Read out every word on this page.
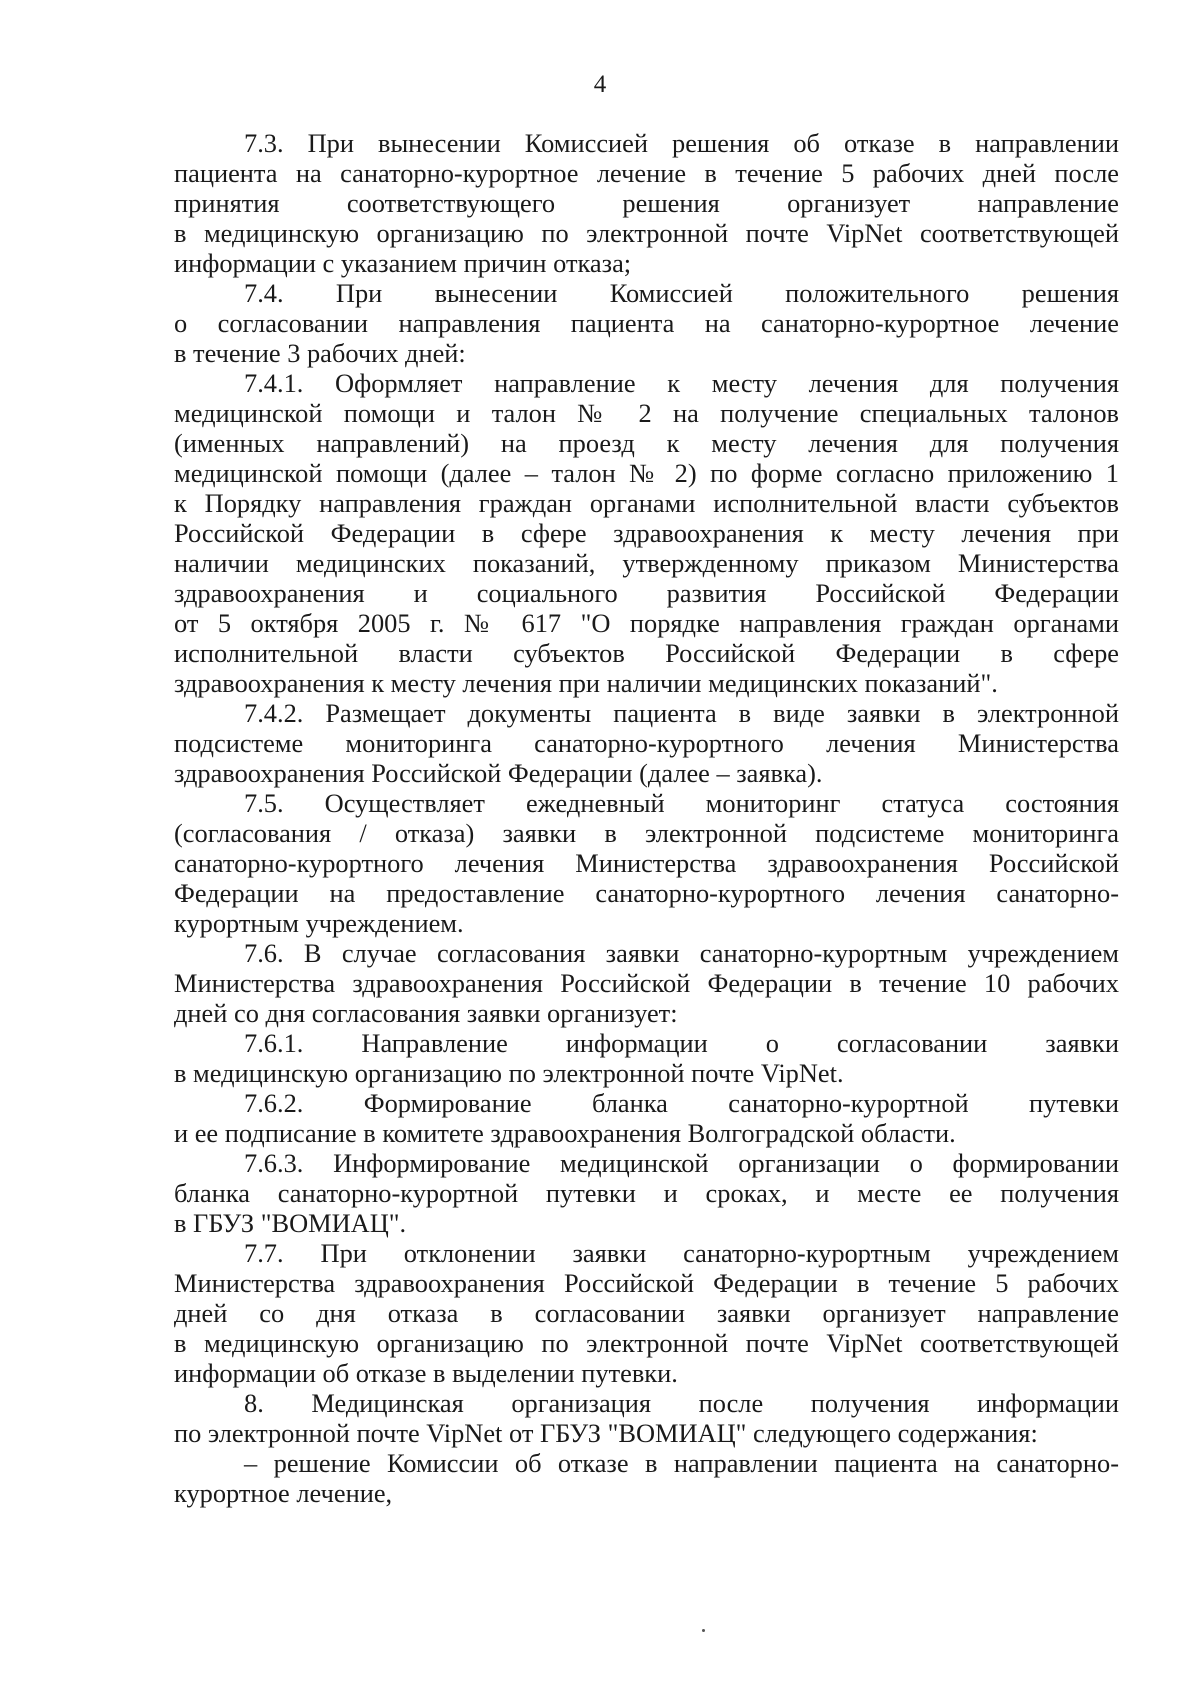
4
7.3. При вынесении Комиссией решения об отказе в направлении
пациента на санаторно-курортное лечение в течение 5 рабочих дней после
принятия соответствующего решения организует направление
в медицинскую организацию по электронной почте VipNet соответствующей
информации с указанием причин отказа;
7.4. При вынесении Комиссией положительного решения
о согласовании направления пациента на санаторно-курортное лечение
в течение 3 рабочих дней:
7.4.1. Оформляет направление к месту лечения для получения
медицинской помощи и талон № 2 на получение специальных талонов
(именных направлений) на проезд к месту лечения для получения
медицинской помощи (далее – талон № 2) по форме согласно приложению 1
к Порядку направления граждан органами исполнительной власти субъектов
Российской Федерации в сфере здравоохранения к месту лечения при
наличии медицинских показаний, утвержденному приказом Министерства
здравоохранения и социального развития Российской Федерации
от 5 октября 2005 г. № 617 "О порядке направления граждан органами
исполнительной власти субъектов Российской Федерации в сфере
здравоохранения к месту лечения при наличии медицинских показаний".
7.4.2. Размещает документы пациента в виде заявки в электронной
подсистеме мониторинга санаторно-курортного лечения Министерства
здравоохранения Российской Федерации (далее – заявка).
7.5. Осуществляет ежедневный мониторинг статуса состояния
(согласования / отказа) заявки в электронной подсистеме мониторинга
санаторно-курортного лечения Министерства здравоохранения Российской
Федерации на предоставление санаторно-курортного лечения санаторно-
курортным учреждением.
7.6. В случае согласования заявки санаторно-курортным учреждением
Министерства здравоохранения Российской Федерации в течение 10 рабочих
дней со дня согласования заявки организует:
7.6.1. Направление информации о согласовании заявки
в медицинскую организацию по электронной почте VipNet.
7.6.2. Формирование бланка санаторно-курортной путевки
и ее подписание в комитете здравоохранения Волгоградской области.
7.6.3. Информирование медицинской организации о формировании
бланка санаторно-курортной путевки и сроках, и месте ее получения
в ГБУЗ "ВОМИАЦ".
7.7. При отклонении заявки санаторно-курортным учреждением
Министерства здравоохранения Российской Федерации в течение 5 рабочих
дней со дня отказа в согласовании заявки организует направление
в медицинскую организацию по электронной почте VipNet соответствующей
информации об отказе в выделении путевки.
8. Медицинская организация после получения информации
по электронной почте VipNet от ГБУЗ "ВОМИАЦ" следующего содержания:
– решение Комиссии об отказе в направлении пациента на санаторно-
курортное лечение,
